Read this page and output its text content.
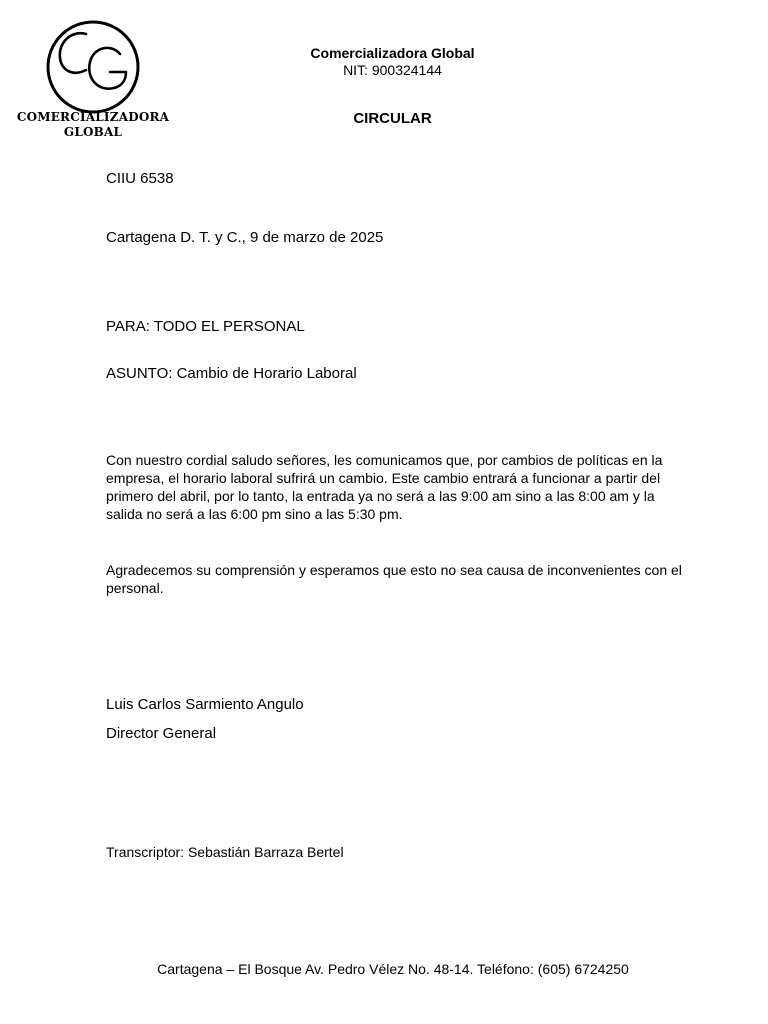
COMERCIALIZADORA
GLOBAL
Comercializadora Global
NIT: 900324144
CIRCULAR
CIIU 6538
Cartagena D. T. y C., 9 de marzo de 2025
PARA: TODO EL PERSONAL
ASUNTO: Cambio de Horario Laboral
Con nuestro cordial saludo señores, les comunicamos que, por cambios de políticas en la empresa, el horario laboral sufrirá un cambio. Este cambio entrará a funcionar a partir del primero del abril, por lo tanto, la entrada ya no será a las 9:00 am sino a las 8:00 am y la salida no será a las 6:00 pm sino a las 5:30 pm.
Agradecemos su comprensión y esperamos que esto no sea causa de inconvenientes con el personal.
Luis Carlos Sarmiento Angulo
Director General
Transcriptor: Sebastián Barraza Bertel
Cartagena – El Bosque Av. Pedro Vélez No. 48-14. Teléfono: (605) 6724250
